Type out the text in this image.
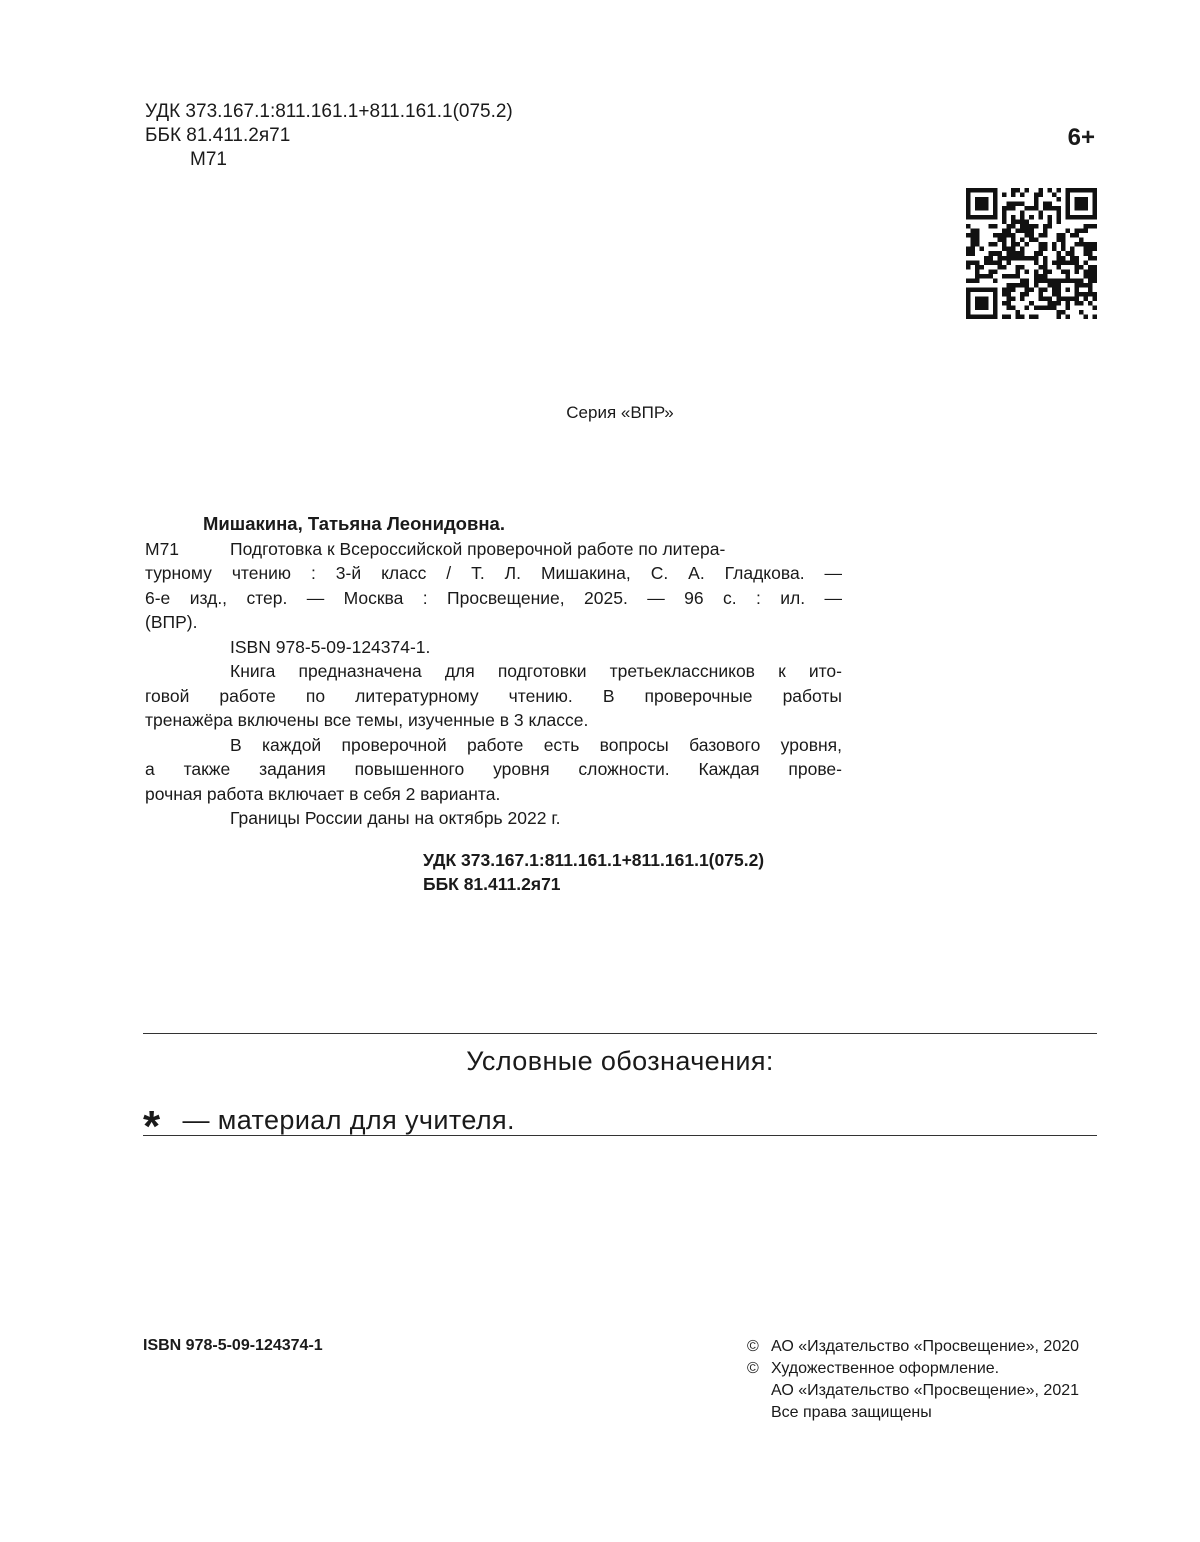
УДК 373.167.1:811.161.1+811.161.1(075.2)
ББК 81.411.2я71
М71
6+
Серия «ВПР»
Мишакина, Татьяна Леонидовна.
М71	Подготовка к Всероссийской проверочной работе по литера-
турному чтению : 3-й класс / Т. Л. Мишакина, С. А. Гладкова. —
6-е изд., стер. — Москва : Просвещение, 2025. — 96 с. : ил. —
(ВПР).
ISBN 978-5-09-124374-1.
Книга предназначена для подготовки третьеклассников к ито-
говой работе по литературному чтению. В проверочные работы
тренажёра включены все темы, изученные в 3 классе.
В каждой проверочной работе есть вопросы базового уровня,
а также задания повышенного уровня сложности. Каждая прове-
рочная работа включает в себя 2 варианта.
Границы России даны на октябрь 2022 г.
УДК 373.167.1:811.161.1+811.161.1(075.2)
ББК 81.411.2я71
Условные обозначения:
* — материал для учителя.
ISBN 978-5-09-124374-1	© АО «Издательство «Просвещение», 2020
© Художественное оформление.
АО «Издательство «Просвещение», 2021
Все права защищены
